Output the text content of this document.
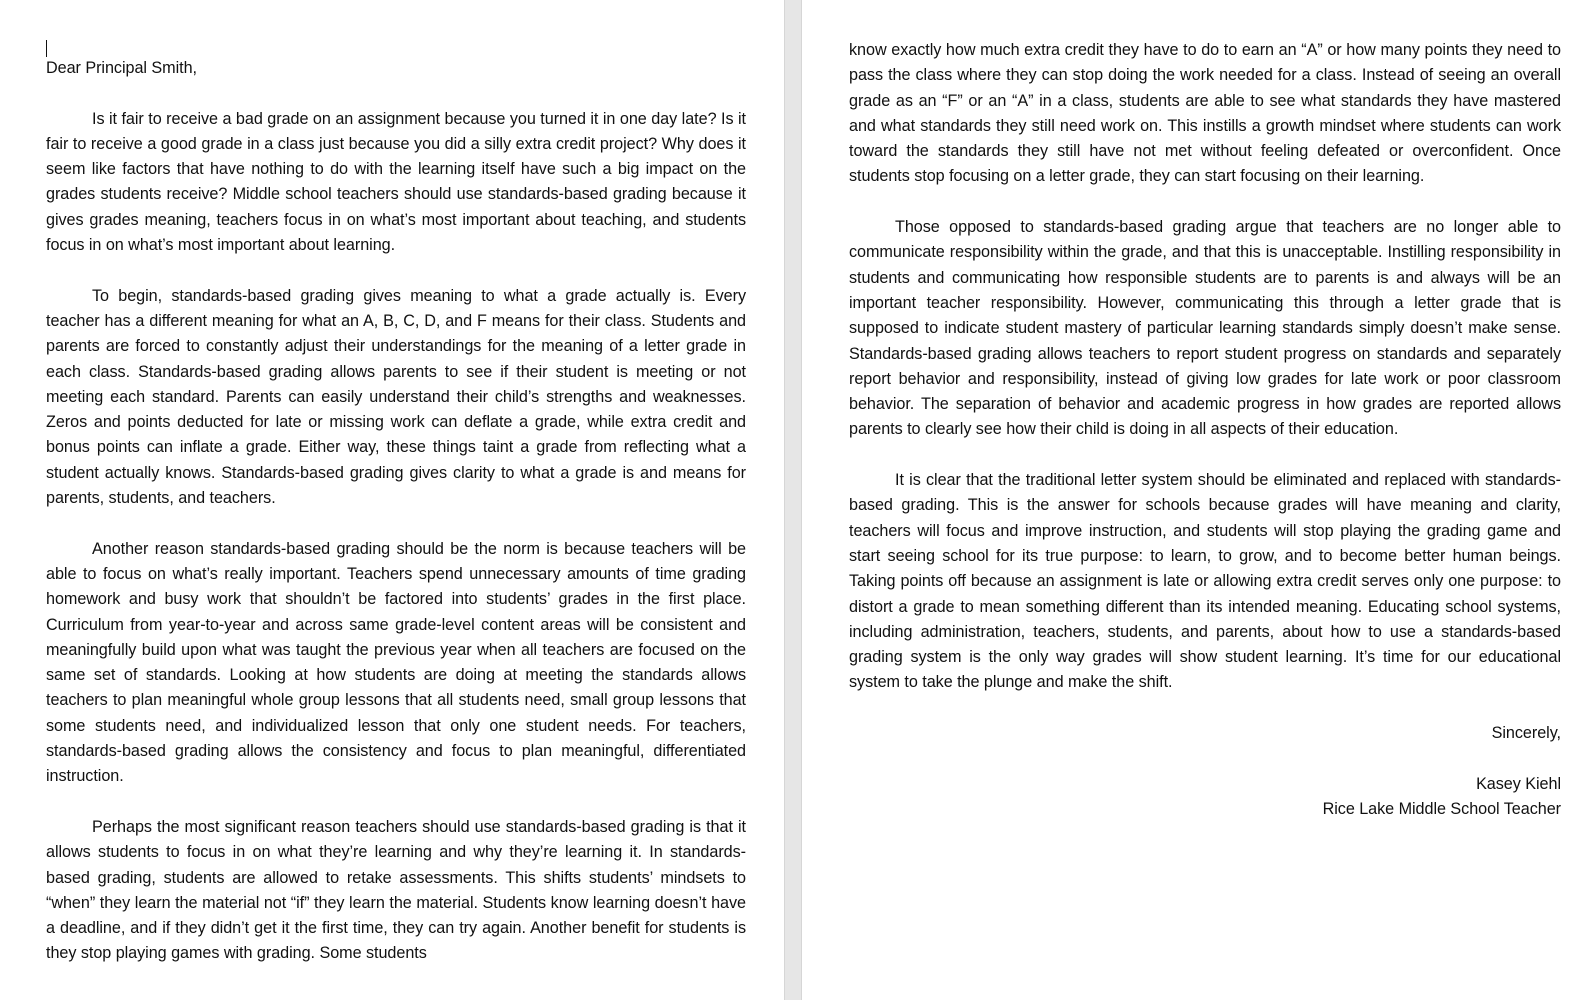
Dear Principal Smith,

Is it fair to receive a bad grade on an assignment because you turned it in one day late? Is it fair to receive a good grade in a class just because you did a silly extra credit project? Why does it seem like factors that have nothing to do with the learning itself have such a big impact on the grades students receive? Middle school teachers should use standards-based grading because it gives grades meaning, teachers focus in on what’s most important about teaching, and students focus in on what’s most important about learning.

To begin, standards-based grading gives meaning to what a grade actually is. Every teacher has a different meaning for what an A, B, C, D, and F means for their class. Students and parents are forced to constantly adjust their understandings for the meaning of a letter grade in each class. Standards-based grading allows parents to see if their student is meeting or not meeting each standard. Parents can easily understand their child’s strengths and weaknesses. Zeros and points deducted for late or missing work can deflate a grade, while extra credit and bonus points can inflate a grade. Either way, these things taint a grade from reflecting what a student actually knows. Standards-based grading gives clarity to what a grade is and means for parents, students, and teachers.

Another reason standards-based grading should be the norm is because teachers will be able to focus on what’s really important. Teachers spend unnecessary amounts of time grading homework and busy work that shouldn’t be factored into students’ grades in the first place. Curriculum from year-to-year and across same grade-level content areas will be consistent and meaningfully build upon what was taught the previous year when all teachers are focused on the same set of standards. Looking at how students are doing at meeting the standards allows teachers to plan meaningful whole group lessons that all students need, small group lessons that some students need, and individualized lesson that only one student needs. For teachers, standards-based grading allows the consistency and focus to plan meaningful, differentiated instruction.

Perhaps the most significant reason teachers should use standards-based grading is that it allows students to focus in on what they’re learning and why they’re learning it. In standards-based grading, students are allowed to retake assessments. This shifts students’ mindsets to “when” they learn the material not “if” they learn the material. Students know learning doesn’t have a deadline, and if they didn’t get it the first time, they can try again. Another benefit for students is they stop playing games with grading. Some students

know exactly how much extra credit they have to do to earn an “A” or how many points they need to pass the class where they can stop doing the work needed for a class. Instead of seeing an overall grade as an “F” or an “A” in a class, students are able to see what standards they have mastered and what standards they still need work on. This instills a growth mindset where students can work toward the standards they still have not met without feeling defeated or overconfident. Once students stop focusing on a letter grade, they can start focusing on their learning.

Those opposed to standards-based grading argue that teachers are no longer able to communicate responsibility within the grade, and that this is unacceptable. Instilling responsibility in students and communicating how responsible students are to parents is and always will be an important teacher responsibility. However, communicating this through a letter grade that is supposed to indicate student mastery of particular learning standards simply doesn’t make sense. Standards-based grading allows teachers to report student progress on standards and separately report behavior and responsibility, instead of giving low grades for late work or poor classroom behavior. The separation of behavior and academic progress in how grades are reported allows parents to clearly see how their child is doing in all aspects of their education.

It is clear that the traditional letter system should be eliminated and replaced with standards-based grading. This is the answer for schools because grades will have meaning and clarity, teachers will focus and improve instruction, and students will stop playing the grading game and start seeing school for its true purpose: to learn, to grow, and to become better human beings. Taking points off because an assignment is late or allowing extra credit serves only one purpose: to distort a grade to mean something different than its intended meaning. Educating school systems, including administration, teachers, students, and parents, about how to use a standards-based grading system is the only way grades will show student learning. It’s time for our educational system to take the plunge and make the shift.

Sincerely,

Kasey Kiehl

Rice Lake Middle School Teacher
